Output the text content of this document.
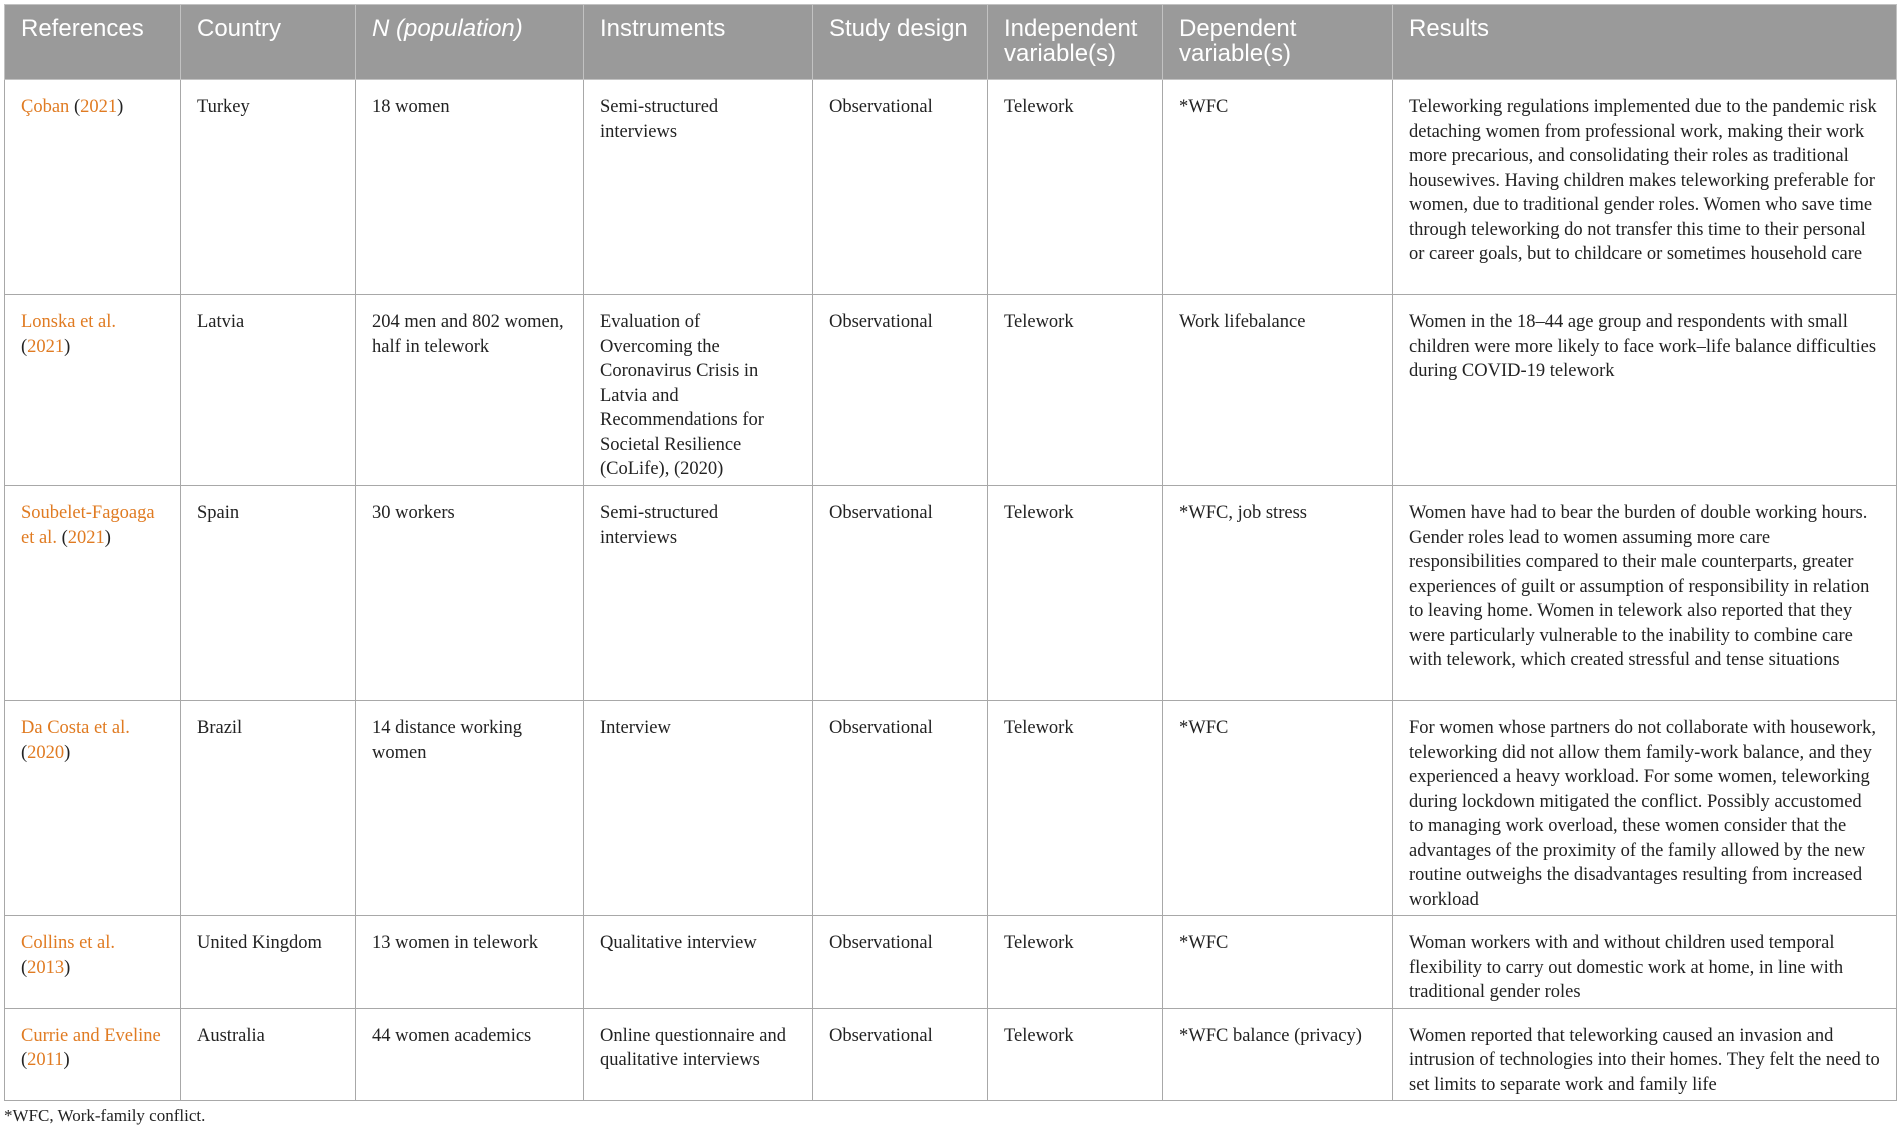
References	Country	N (population)	Instruments	Study design	Independent variable(s)	Dependent variable(s)	Results
Çoban (2021)	Turkey	18 women	Semi-structured interviews	Observational	Telework	*WFC	Teleworking regulations implemented due to the pandemic risk detaching women from professional work, making their work more precarious, and consolidating their roles as traditional housewives. Having children makes teleworking preferable for women, due to traditional gender roles. Women who save time through teleworking do not transfer this time to their personal or career goals, but to childcare or sometimes household care
Lonska et al. (2021)	Latvia	204 men and 802 women, half in telework	Evaluation of Overcoming the Coronavirus Crisis in Latvia and Recommendations for Societal Resilience (CoLife), (2020)	Observational	Telework	Work lifebalance	Women in the 18–44 age group and respondents with small children were more likely to face work–life balance difficulties during COVID-19 telework
Soubelet-Fagoaga et al. (2021)	Spain	30 workers	Semi-structured interviews	Observational	Telework	*WFC, job stress	Women have had to bear the burden of double working hours. Gender roles lead to women assuming more care responsibilities compared to their male counterparts, greater experiences of guilt or assumption of responsibility in relation to leaving home. Women in telework also reported that they were particularly vulnerable to the inability to combine care with telework, which created stressful and tense situations
Da Costa et al. (2020)	Brazil	14 distance working women	Interview	Observational	Telework	*WFC	For women whose partners do not collaborate with housework, teleworking did not allow them family-work balance, and they experienced a heavy workload. For some women, teleworking during lockdown mitigated the conflict. Possibly accustomed to managing work overload, these women consider that the advantages of the proximity of the family allowed by the new routine outweighs the disadvantages resulting from increased workload
Collins et al. (2013)	United Kingdom	13 women in telework	Qualitative interview	Observational	Telework	*WFC	Woman workers with and without children used temporal flexibility to carry out domestic work at home, in line with traditional gender roles
Currie and Eveline (2011)	Australia	44 women academics	Online questionnaire and qualitative interviews	Observational	Telework	*WFC balance (privacy)	Women reported that teleworking caused an invasion and intrusion of technologies into their homes. They felt the need to set limits to separate work and family life
*WFC, Work-family conflict.
